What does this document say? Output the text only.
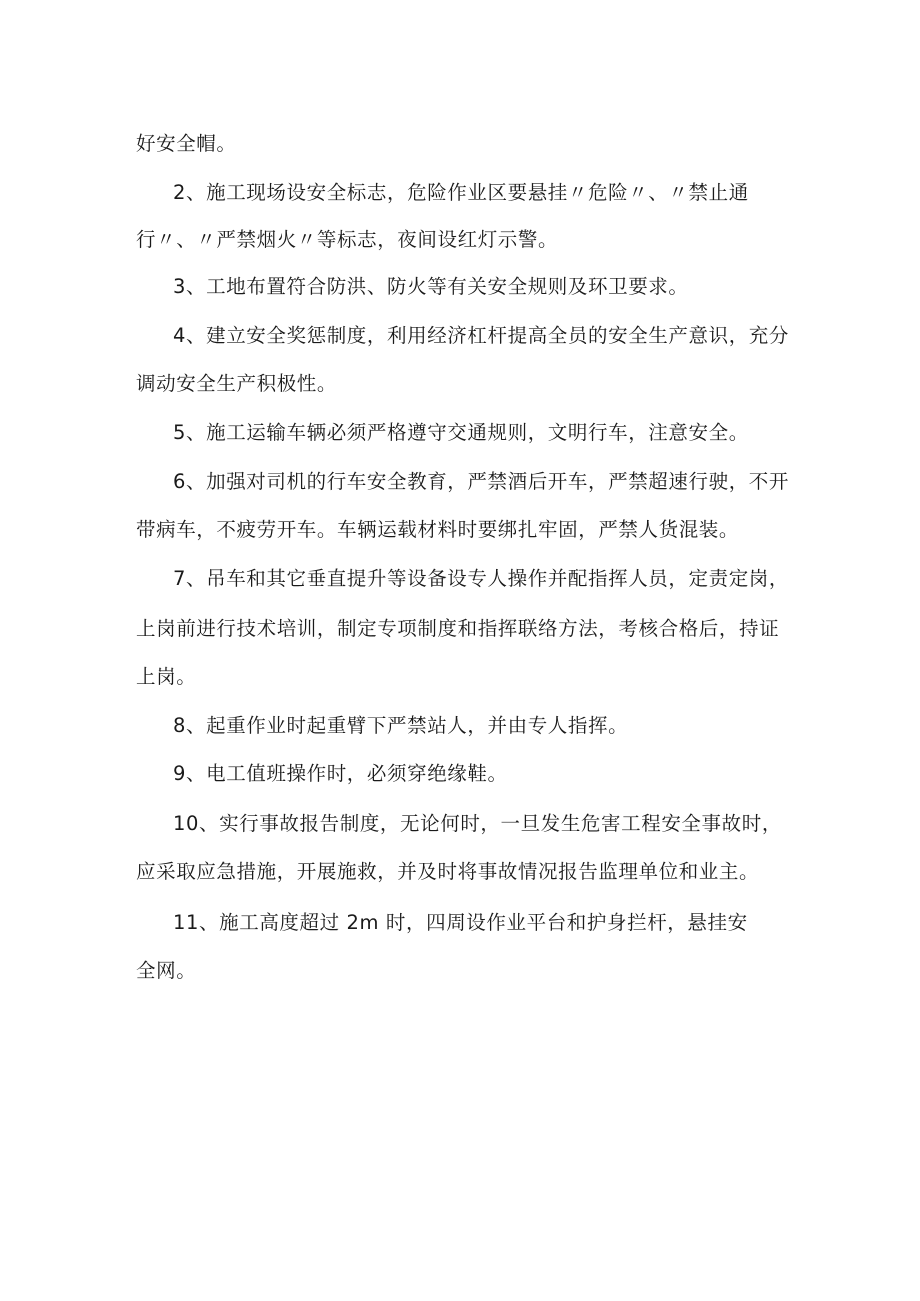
好安全帽。
2、施工现场设安全标志，危险作业区要悬挂〃危险〃、〃禁止通
行〃、〃严禁烟火〃等标志，夜间设红灯示警。
3、工地布置符合防洪、防火等有关安全规则及环卫要求。
4、建立安全奖惩制度，利用经济杠杆提高全员的安全生产意识，充分
调动安全生产积极性。
5、施工运输车辆必须严格遵守交通规则，文明行车，注意安全。
6、加强对司机的行车安全教育，严禁酒后开车，严禁超速行驶，不开
带病车，不疲劳开车。车辆运载材料时要绑扎牢固，严禁人货混装。
7、吊车和其它垂直提升等设备设专人操作并配指挥人员，定责定岗，
上岗前进行技术培训，制定专项制度和指挥联络方法，考核合格后，持证
上岗。
8、起重作业时起重臂下严禁站人，并由专人指挥。
9、电工值班操作时，必须穿绝缘鞋。
10、实行事故报告制度，无论何时，一旦发生危害工程安全事故时，
应采取应急措施，开展施救，并及时将事故情况报告监理单位和业主。
11、施工高度超过 2m 时，四周设作业平台和护身拦杆，悬挂安
全网。
